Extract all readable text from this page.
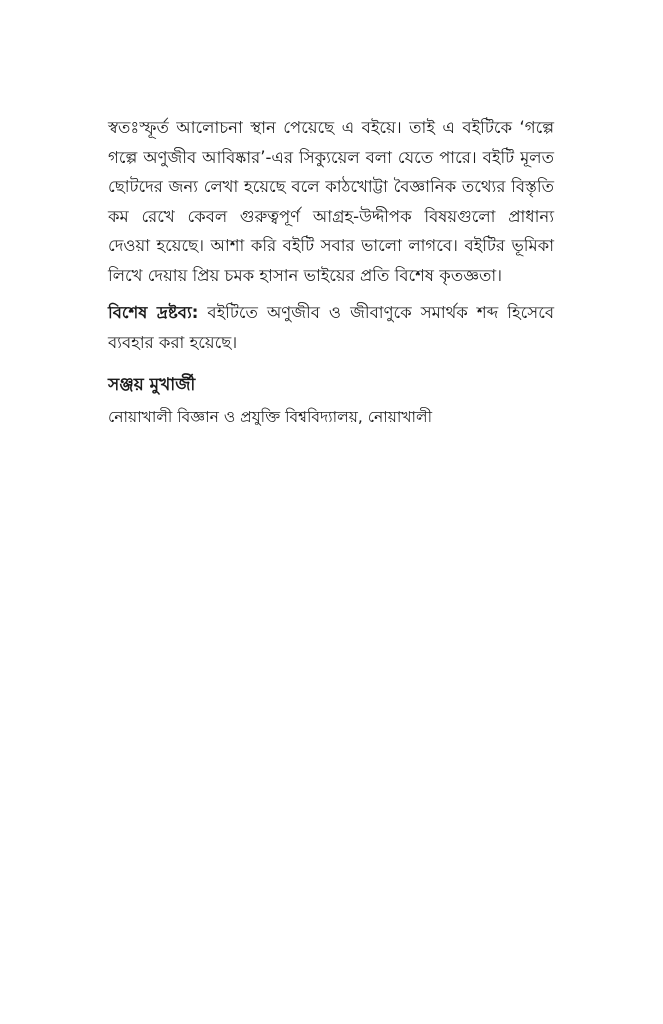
স্বতঃস্ফূর্ত আলোচনা স্থান পেয়েছে এ বইয়ে। তাই এ বইটিকে ‘গল্পে গল্পে অণুজীব আবিষ্কার’-এর সিক্যুয়েল বলা যেতে পারে। বইটি মূলত ছোটদের জন্য লেখা হয়েছে বলে কাঠখোট্টা বৈজ্ঞানিক তথ্যের বিস্তৃতি কম রেখে কেবল গুরুত্বপূর্ণ আগ্রহ-উদ্দীপক বিষয়গুলো প্রাধান্য দেওয়া হয়েছে। আশা করি বইটি সবার ভালো লাগবে। বইটির ভূমিকা লিখে দেয়ায় প্রিয় চমক হাসান ভাইয়ের প্রতি বিশেষ কৃতজ্ঞতা।

বিশেষ দ্রষ্টব্য: বইটিতে অণুজীব ও জীবাণুকে সমার্থক শব্দ হিসেবে ব্যবহার করা হয়েছে।

সঞ্জয় মুখার্জী

নোয়াখালী বিজ্ঞান ও প্রযুক্তি বিশ্ববিদ্যালয়, নোয়াখালী
